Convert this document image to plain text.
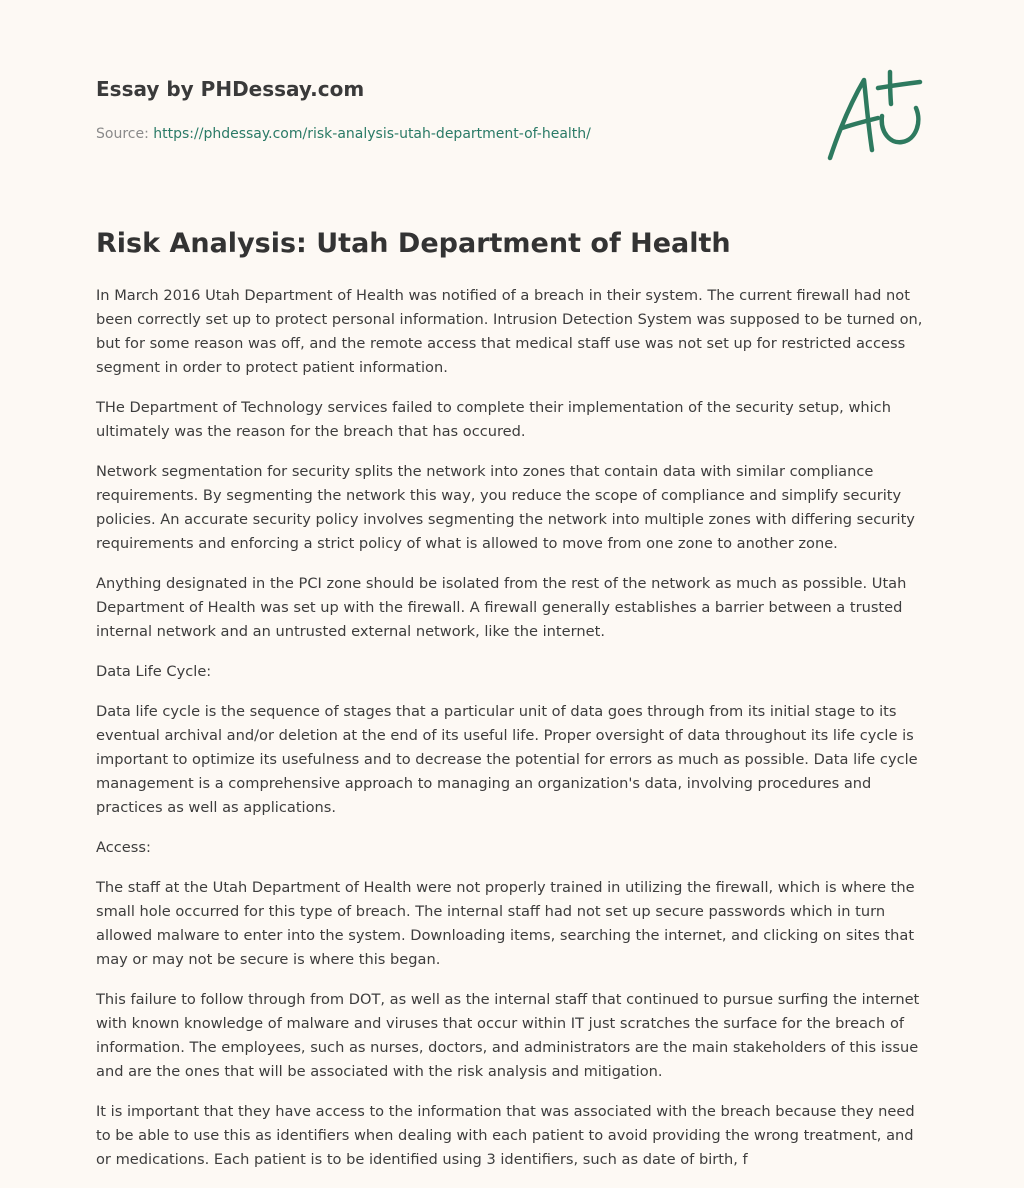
Essay by PHDessay.com
Source: https://phdessay.com/risk-analysis-utah-department-of-health/
Risk Analysis: Utah Department of Health

In March 2016 Utah Department of Health was notified of a breach in their system. The current firewall had not been correctly set up to protect personal information. Intrusion Detection System was supposed to be turned on, but for some reason was off, and the remote access that medical staff use was not set up for restricted access segment in order to protect patient information.

THe Department of Technology services failed to complete their implementation of the security setup, which ultimately was the reason for the breach that has occured.

Network segmentation for security splits the network into zones that contain data with similar compliance requirements. By segmenting the network this way, you reduce the scope of compliance and simplify security policies. An accurate security policy involves segmenting the network into multiple zones with differing security requirements and enforcing a strict policy of what is allowed to move from one zone to another zone.

Anything designated in the PCI zone should be isolated from the rest of the network as much as possible. Utah Department of Health was set up with the firewall. A firewall generally establishes a barrier between a trusted internal network and an untrusted external network, like the internet.

Data Life Cycle:

Data life cycle is the sequence of stages that a particular unit of data goes through from its initial stage to its eventual archival and/or deletion at the end of its useful life. Proper oversight of data throughout its life cycle is important to optimize its usefulness and to decrease the potential for errors as much as possible. Data life cycle management is a comprehensive approach to managing an organization's data, involving procedures and practices as well as applications.

Access:

The staff at the Utah Department of Health were not properly trained in utilizing the firewall, which is where the small hole occurred for this type of breach. The internal staff had not set up secure passwords which in turn allowed malware to enter into the system. Downloading items, searching the internet, and clicking on sites that may or may not be secure is where this began.

This failure to follow through from DOT, as well as the internal staff that continued to pursue surfing the internet with known knowledge of malware and viruses that occur within IT just scratches the surface for the breach of information. The employees, such as nurses, doctors, and administrators are the main stakeholders of this issue and are the ones that will be associated with the risk analysis and mitigation.

It is important that they have access to the information that was associated with the breach because they need to be able to use this as identifiers when dealing with each patient to avoid providing the wrong treatment, and or medications. Each patient is to be identified using 3 identifiers, such as date of birth, f
